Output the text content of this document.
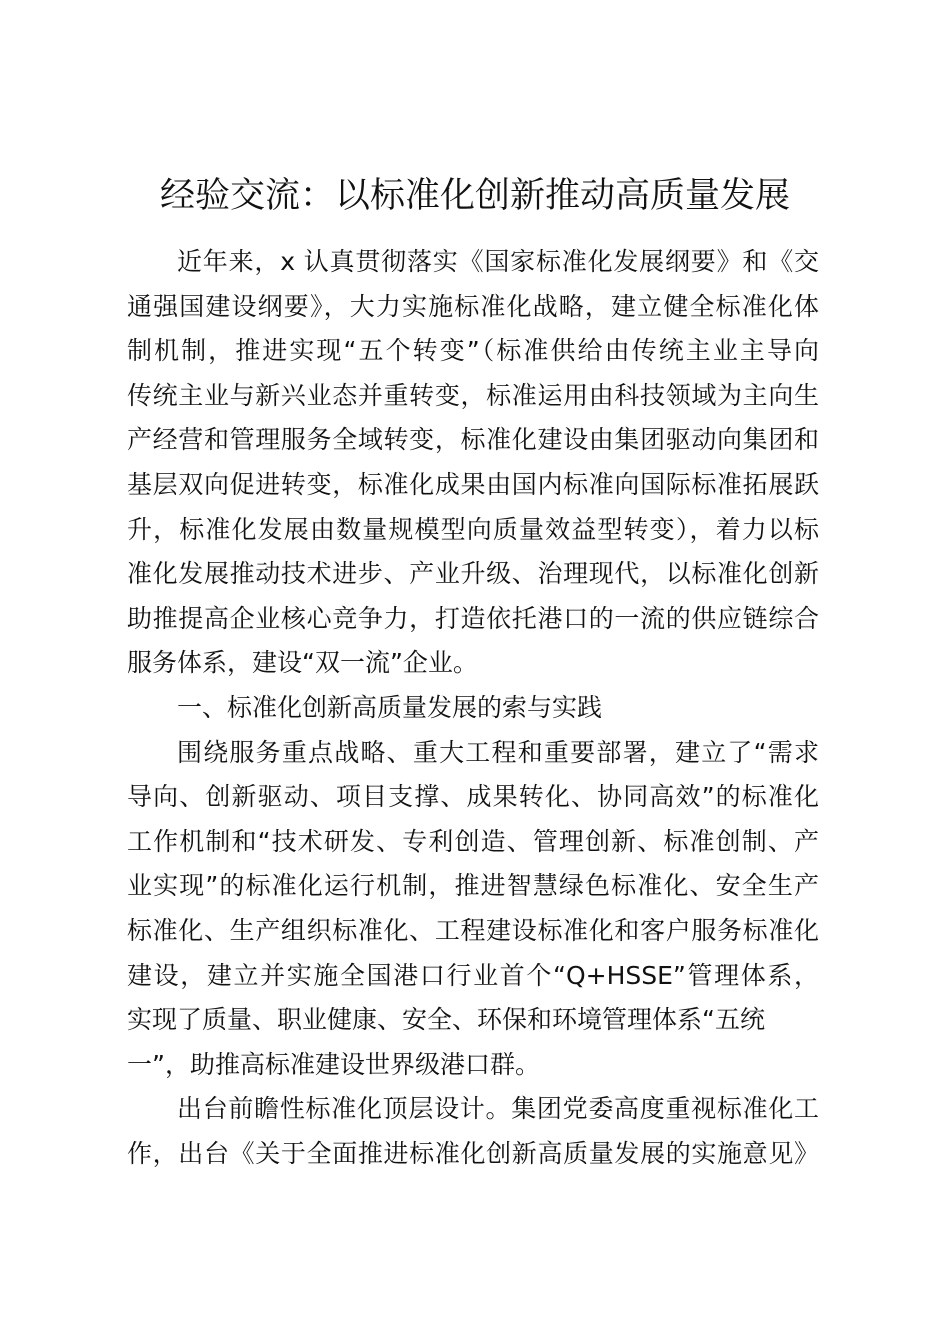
经验交流：以标准化创新推动高质量发展
近年来，x 认真贯彻落实《国家标准化发展纲要》和《交
通强国建设纲要》，大力实施标准化战略，建立健全标准化体
制机制，推进实现“五个转变”（标准供给由传统主业主导向
传统主业与新兴业态并重转变，标准运用由科技领域为主向生
产经营和管理服务全域转变，标准化建设由集团驱动向集团和
基层双向促进转变，标准化成果由国内标准向国际标准拓展跃
升，标准化发展由数量规模型向质量效益型转变），着力以标
准化发展推动技术进步、产业升级、治理现代，以标准化创新
助推提高企业核心竞争力，打造依托港口的一流的供应链综合
服务体系，建设“双一流”企业。
一、标准化创新高质量发展的索与实践
围绕服务重点战略、重大工程和重要部署，建立了“需求
导向、创新驱动、项目支撑、成果转化、协同高效”的标准化
工作机制和“技术研发、专利创造、管理创新、标准创制、产
业实现”的标准化运行机制，推进智慧绿色标准化、安全生产
标准化、生产组织标准化、工程建设标准化和客户服务标准化
建设，建立并实施全国港口行业首个“Q+HSSE”管理体系，
实现了质量、职业健康、安全、环保和环境管理体系“五统
一”，助推高标准建设世界级港口群。
出台前瞻性标准化顶层设计。集团党委高度重视标准化工
作，出台《关于全面推进标准化创新高质量发展的实施意见》
